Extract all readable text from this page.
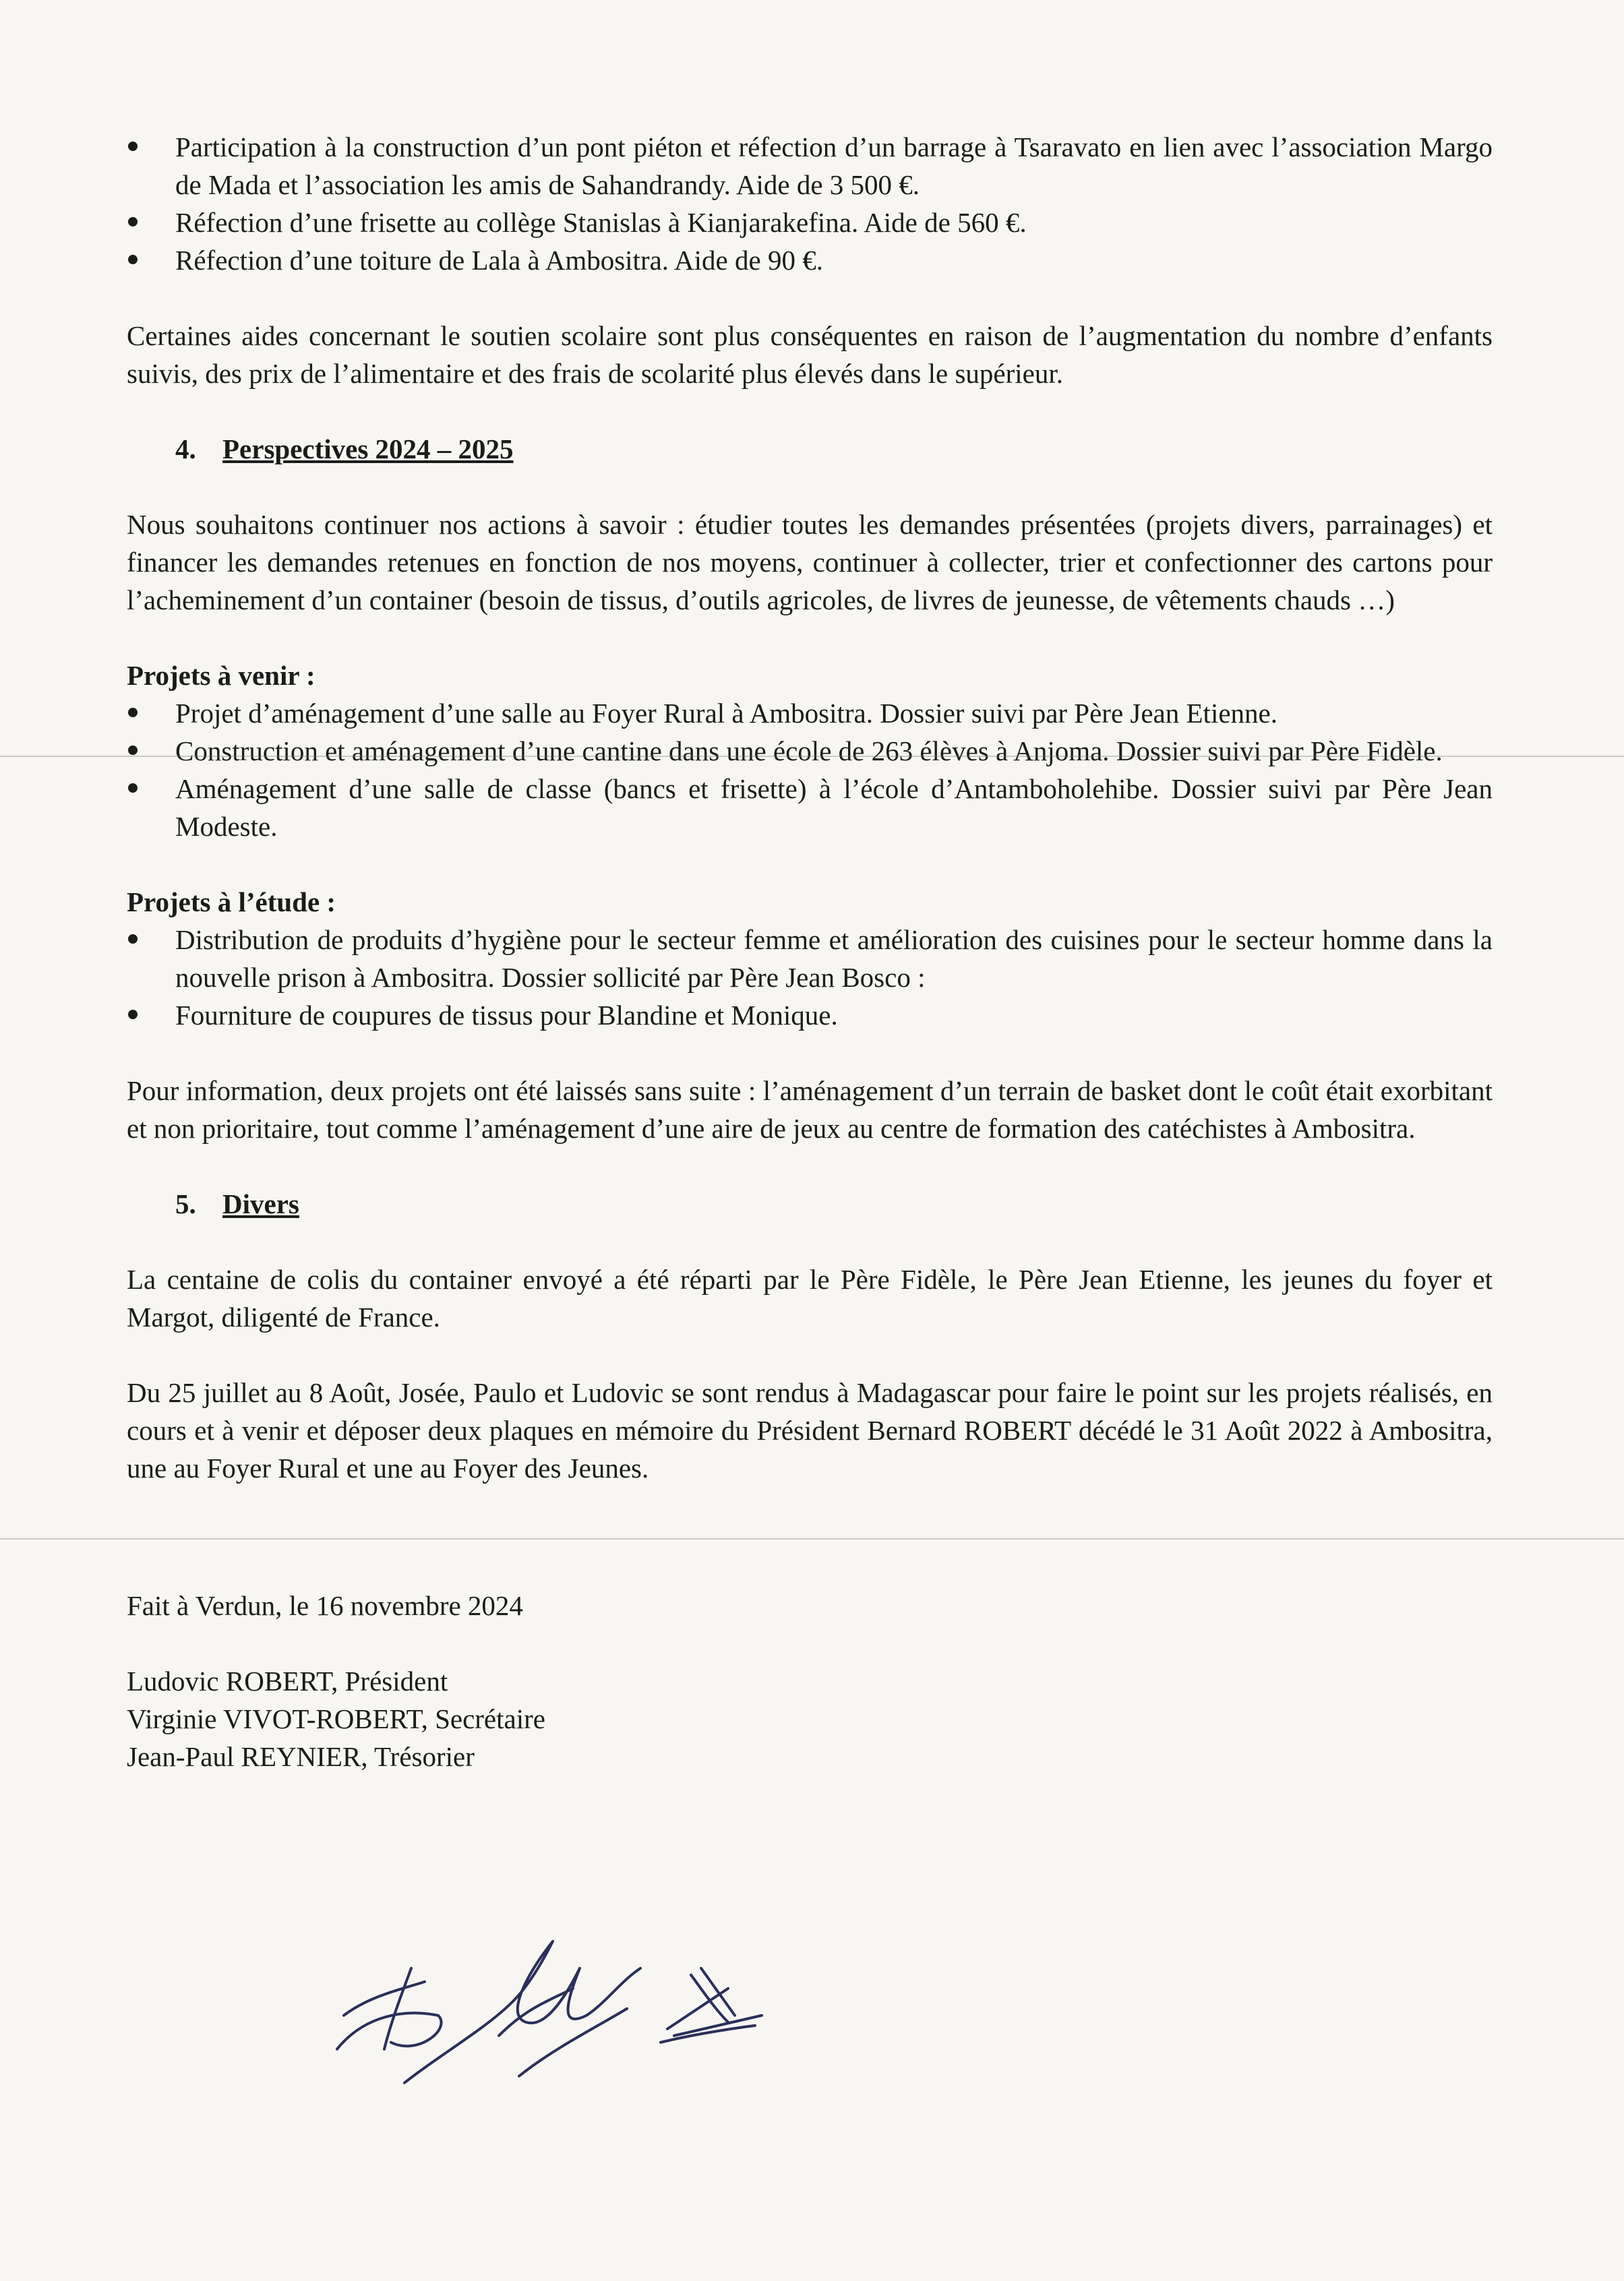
Participation à la construction d’un pont piéton et réfection d’un barrage à Tsaravato en lien avec l’association Margo de Mada et l’association les amis de Sahandrandy. Aide de 3 500 €.
Réfection d’une frisette au collège Stanislas à Kianjarakefina. Aide de 560 €.
Réfection d’une toiture de Lala à Ambositra. Aide de 90 €.

Certaines aides concernant le soutien scolaire sont plus conséquentes en raison de l’augmentation du nombre d’enfants suivis, des prix de l’alimentaire et des frais de scolarité plus élevés dans le supérieur.

4. Perspectives 2024 – 2025

Nous souhaitons continuer nos actions à savoir : étudier toutes les demandes présentées (projets divers, parrainages) et financer les demandes retenues en fonction de nos moyens, continuer à collecter, trier et confectionner des cartons pour l’acheminement d’un container (besoin de tissus, d’outils agricoles, de livres de jeunesse, de vêtements chauds …)

Projets à venir :

Projet d’aménagement d’une salle au Foyer Rural à Ambositra. Dossier suivi par Père Jean Etienne.
Construction et aménagement d’une cantine dans une école de 263 élèves à Anjoma. Dossier suivi par Père Fidèle.
Aménagement d’une salle de classe (bancs et frisette) à l’école d’Antamboholehibe. Dossier suivi par Père Jean Modeste.

Projets à l’étude :

Distribution de produits d’hygiène pour le secteur femme et amélioration des cuisines pour le secteur homme dans la nouvelle prison à Ambositra. Dossier sollicité par Père Jean Bosco :
Fourniture de coupures de tissus pour Blandine et Monique.

Pour information, deux projets ont été laissés sans suite : l’aménagement d’un terrain de basket dont le coût était exorbitant et non prioritaire, tout comme l’aménagement d’une aire de jeux au centre de formation des catéchistes à Ambositra.

5. Divers

La centaine de colis du container envoyé a été réparti par le Père Fidèle, le Père Jean Etienne, les jeunes du foyer et Margot, diligenté de France.

Du 25 juillet au 8 Août, Josée, Paulo et Ludovic se sont rendus à Madagascar pour faire le point sur les projets réalisés, en cours et à venir et déposer deux plaques en mémoire du Président Bernard ROBERT décédé le 31 Août 2022 à Ambositra, une au Foyer Rural et une au Foyer des Jeunes.

Fait à Verdun, le 16 novembre 2024

Ludovic ROBERT, Président

Virginie VIVOT-ROBERT, Secrétaire

Jean-Paul REYNIER, Trésorier
